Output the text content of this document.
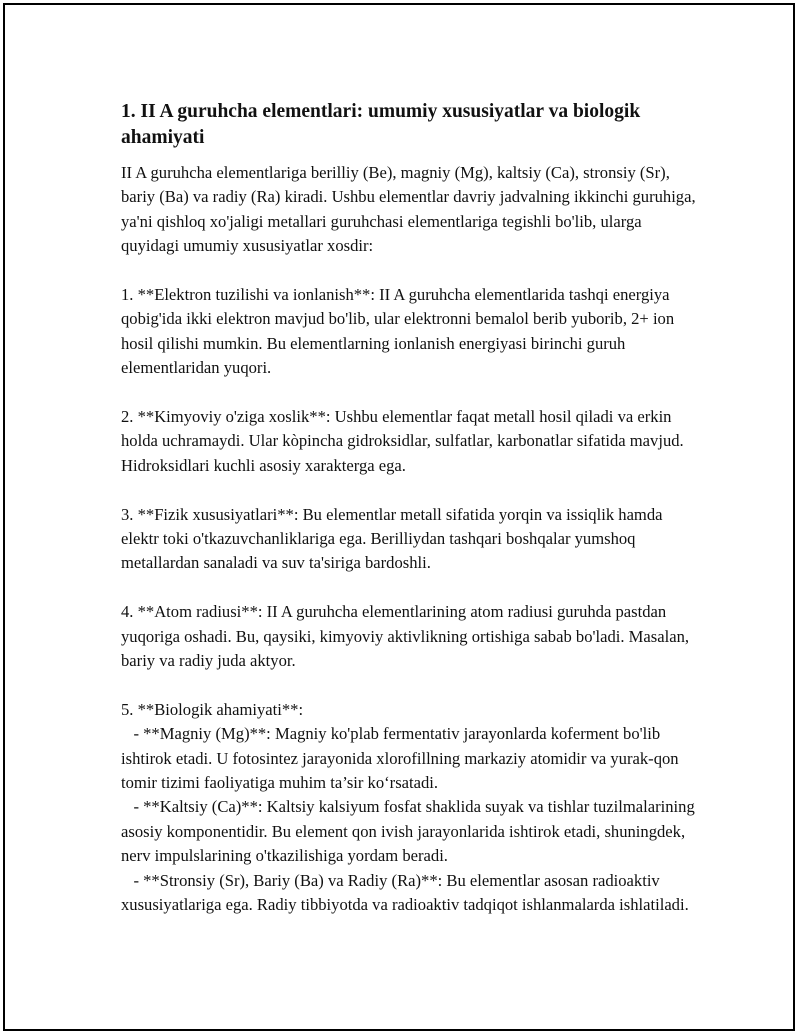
1. II A guruhcha elementlari: umumiy xususiyatlar va biologik ahamiyati

II A guruhcha elementlariga berilliy (Be), magniy (Mg), kaltsiy (Ca), stronsiy (Sr), bariy (Ba) va radiy (Ra) kiradi. Ushbu elementlar davriy jadvalning ikkinchi guruhiga, ya'ni qishloq xo'jaligi metallari guruhchasi elementlariga tegishli bo'lib, ularga quyidagi umumiy xususiyatlar xosdir:

1. **Elektron tuzilishi va ionlanish**: II A guruhcha elementlarida tashqi energiya qobig'ida ikki elektron mavjud bo'lib, ular elektronni bemalol berib yuborib, 2+ ion hosil qilishi mumkin. Bu elementlarning ionlanish energiyasi birinchi guruh elementlaridan yuqori.

2. **Kimyoviy o'ziga xoslik**: Ushbu elementlar faqat metall hosil qiladi va erkin holda uchramaydi. Ular kòpincha gidroksidlar, sulfatlar, karbonatlar sifatida mavjud. Hidroksidlari kuchli asosiy xarakterga ega.

3. **Fizik xususiyatlari**: Bu elementlar metall sifatida yorqin va issiqlik hamda elektr toki o'tkazuvchanliklariga ega. Berilliydan tashqari boshqalar yumshoq metallardan sanaladi va suv ta'siriga bardoshli.

4. **Atom radiusi**: II A guruhcha elementlarining atom radiusi guruhda pastdan yuqoriga oshadi. Bu, qaysiki, kimyoviy aktivlikning ortishiga sabab bo'ladi. Masalan, bariy va radiy juda aktyor.

5. **Biologik ahamiyati**:
- **Magniy (Mg)**: Magniy ko'plab fermentativ jarayonlarda koferment bo'lib ishtirok etadi. U fotosintez jarayonida xlorofillning markaziy atomidir va yurak-qon tomir tizimi faoliyatiga muhim ta’sir ko‘rsatadi.
- **Kaltsiy (Ca)**: Kaltsiy kalsiyum fosfat shaklida suyak va tishlar tuzilmalarining asosiy komponentidir. Bu element qon ivish jarayonlarida ishtirok etadi, shuningdek, nerv impulslarining o'tkazilishiga yordam beradi.
- **Stronsiy (Sr), Bariy (Ba) va Radiy (Ra)**: Bu elementlar asosan radioaktiv xususiyatlariga ega. Radiy tibbiyotda va radioaktiv tadqiqot ishlanmalarda ishlatiladi.
